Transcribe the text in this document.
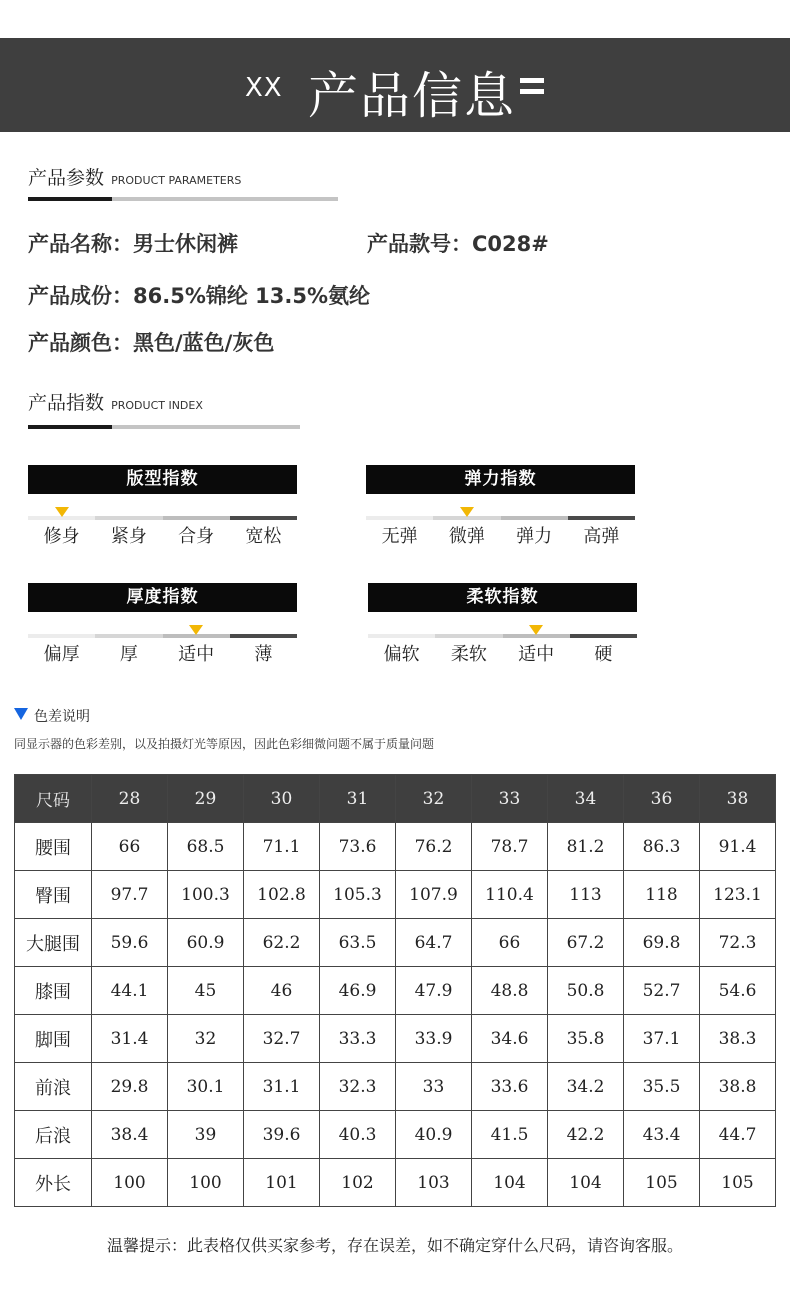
XX 产品信息
产品参数 PRODUCT PARAMETERS
产品名称：男士休闲裤	产品款号：C028#
产品成份：86.5%锦纶 13.5%氨纶
产品颜色：黑色/蓝色/灰色
产品指数 PRODUCT INDEX
版型指数
修身	紧身	合身	宽松
弹力指数
无弹	微弹	弹力	高弹
厚度指数
偏厚	厚	适中	薄
柔软指数
偏软	柔软	适中	硬
色差说明
同显示器的色彩差别，以及拍摄灯光等原因，因此色彩细微问题不属于质量问题
尺码	28	29	30	31	32	33	34	36	38
腰围	66	68.5	71.1	73.6	76.2	78.7	81.2	86.3	91.4
臀围	97.7	100.3	102.8	105.3	107.9	110.4	113	118	123.1
大腿围	59.6	60.9	62.2	63.5	64.7	66	67.2	69.8	72.3
膝围	44.1	45	46	46.9	47.9	48.8	50.8	52.7	54.6
脚围	31.4	32	32.7	33.3	33.9	34.6	35.8	37.1	38.3
前浪	29.8	30.1	31.1	32.3	33	33.6	34.2	35.5	38.8
后浪	38.4	39	39.6	40.3	40.9	41.5	42.2	43.4	44.7
外长	100	100	101	102	103	104	104	105	105
温馨提示：此表格仅供买家参考，存在误差，如不确定穿什么尺码，请咨询客服。
